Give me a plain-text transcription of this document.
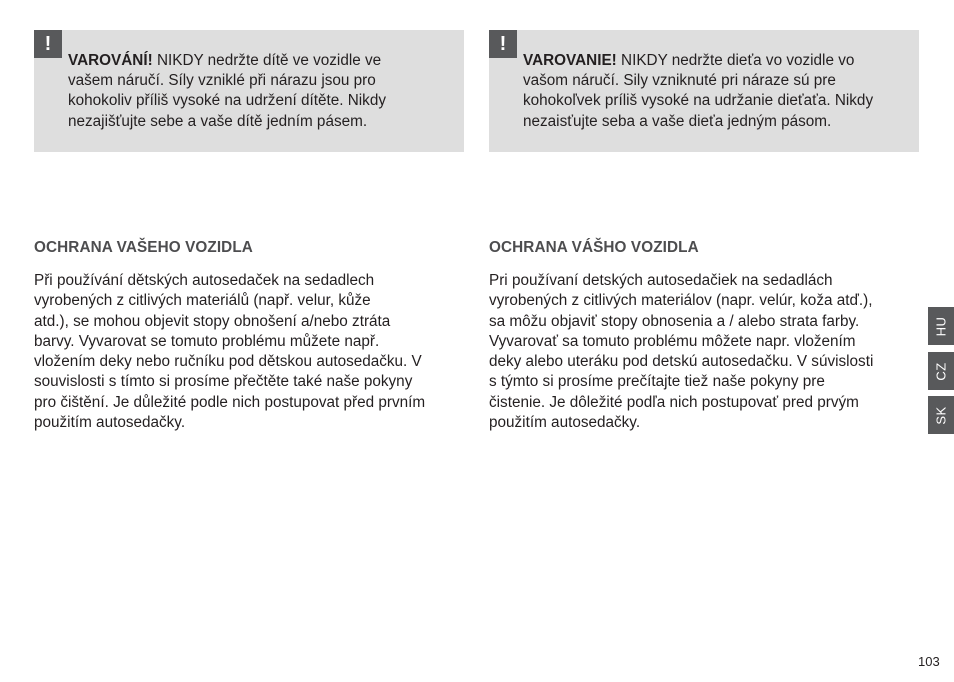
!
VAROVÁNÍ! NIKDY nedržte dítě ve vozidle ve
vašem náručí. Síly vzniklé při nárazu jsou pro
kohokoliv příliš vysoké na udržení dítěte. Nikdy
nezajišťujte sebe a vaše dítě jedním pásem.
!
VAROVANIE! NIKDY nedržte dieťa vo vozidle vo
vašom náručí. Sily vzniknuté pri náraze sú pre
kohokoľvek príliš vysoké na udržanie dieťaťa. Nikdy
nezaisťujte seba a vaše dieťa jedným pásom.
OCHRANA VAŠEHO VOZIDLA	OCHRANA VÁŠHO VOZIDLA
Při používání dětských autosedaček na sedadlech
vyrobených z citlivých materiálů (např. velur, kůže
atd.), se mohou objevit stopy obnošení a/nebo ztráta
barvy. Vyvarovat se tomuto problému můžete např.
vložením deky nebo ručníku pod dětskou autosedačku. V
souvislosti s tímto si prosíme přečtěte také naše pokyny
pro čištění. Je důležité podle nich postupovat před prvním
použitím autosedačky.
Pri používaní detských autosedačiek na sedadlách
vyrobených z citlivých materiálov (napr. velúr, koža atď.),
sa môžu objaviť stopy obnosenia a / alebo strata farby.
Vyvarovať sa tomuto problému môžete napr. vložením
deky alebo uteráku pod detskú autosedačku. V súvislosti
s týmto si prosíme prečítajte tiež naše pokyny pre
čistenie. Je dôležité podľa nich postupovať pred prvým
použitím autosedačky.
HU
CZ
SK
103
